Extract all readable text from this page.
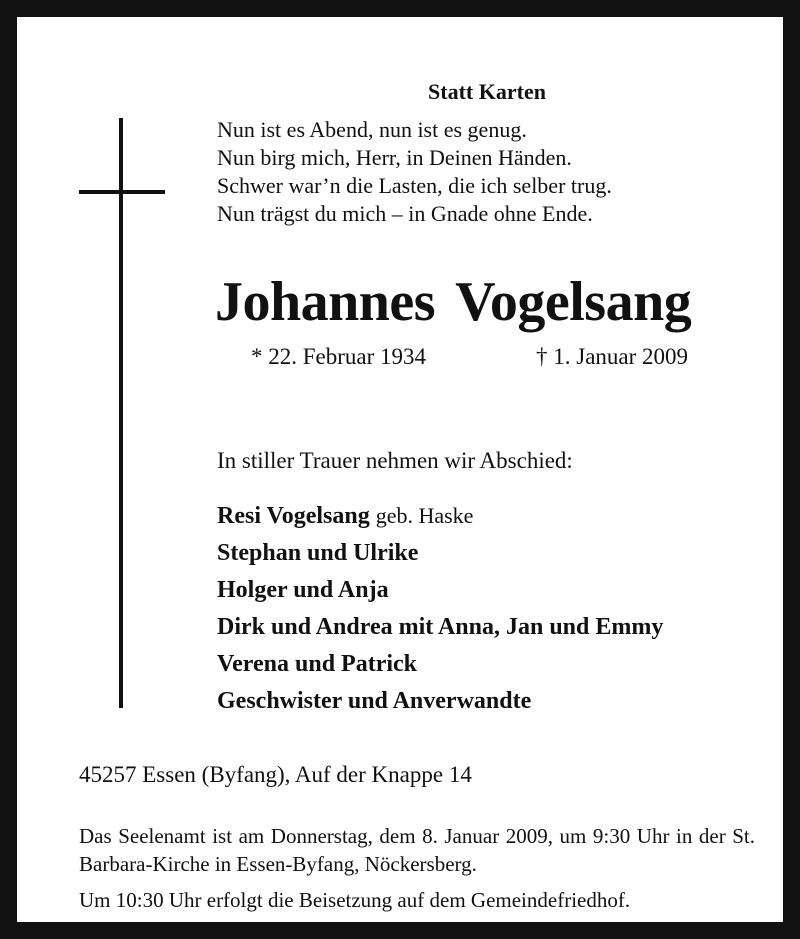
Statt Karten
Nun ist es Abend, nun ist es genug.
Nun birg mich, Herr, in Deinen Händen.
Schwer war’n die Lasten, die ich selber trug.
Nun trägst du mich – in Gnade ohne Ende.
Johannes Vogelsang
* 22. Februar 1934	† 1. Januar 2009
In stiller Trauer nehmen wir Abschied:
Resi Vogelsang geb. Haske
Stephan und Ulrike
Holger und Anja
Dirk und Andrea mit Anna, Jan und Emmy
Verena und Patrick
Geschwister und Anverwandte
45257 Essen (Byfang), Auf der Knappe 14
Das Seelenamt ist am Donnerstag, dem 8. Januar 2009, um 9:30 Uhr in der St. Barbara-Kirche in Essen-Byfang, Nöckersberg.
Um 10:30 Uhr erfolgt die Beisetzung auf dem Gemeindefriedhof.
